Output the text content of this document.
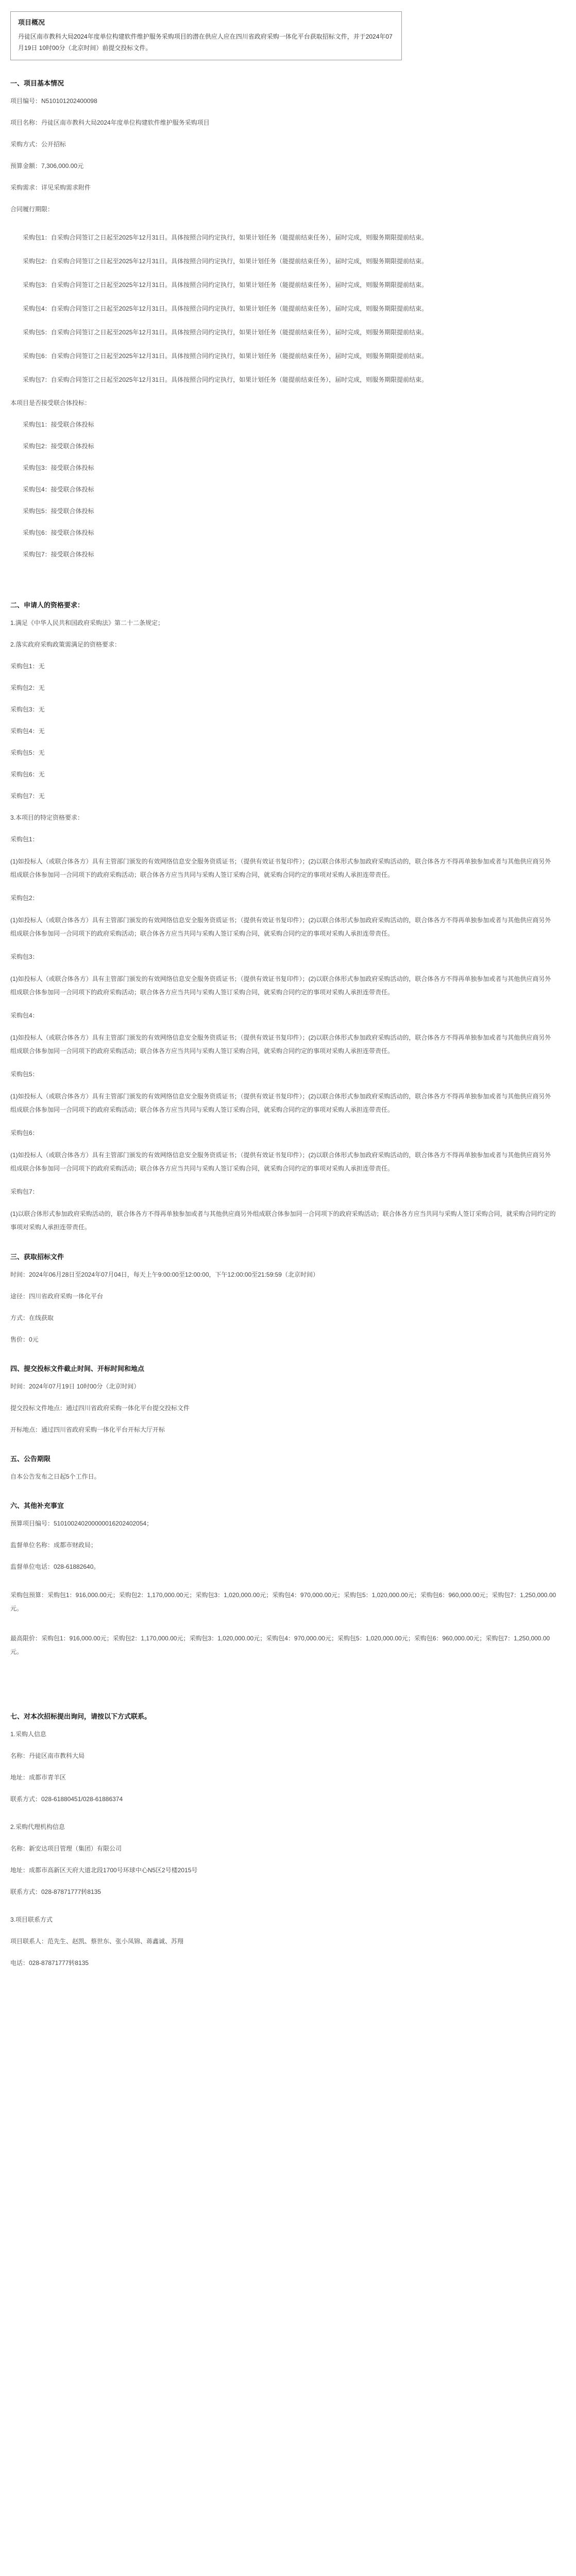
项目概况
丹徒区南市教科大局2024年度单位构建软件维护服务采购项目的潜在供应人应在四川省政府采购一体化平台获取招标文件，并于2024年07月19日 10时00分（北京时间）前提交投标文件。
一、项目基本情况

项目编号：N510101202400098

项目名称：丹徒区南市教科大局2024年度单位构建软件维护服务采购项目

采购方式：公开招标

预算金额：7,306,000.00元

采购需求：详见采购需求附件

合同履行期限：

采购包1：自采购合同签订之日起至2025年12月31日。具体按照合同约定执行，如果计划任务（能提前结束任务），届时完成，则服务期限提前结束。

采购包2：自采购合同签订之日起至2025年12月31日。具体按照合同约定执行，如果计划任务（能提前结束任务），届时完成，则服务期限提前结束。

采购包3：自采购合同签订之日起至2025年12月31日。具体按照合同约定执行，如果计划任务（能提前结束任务），届时完成，则服务期限提前结束。

采购包4：自采购合同签订之日起至2025年12月31日。具体按照合同约定执行，如果计划任务（能提前结束任务），届时完成，则服务期限提前结束。

采购包5：自采购合同签订之日起至2025年12月31日。具体按照合同约定执行，如果计划任务（能提前结束任务），届时完成，则服务期限提前结束。

采购包6：自采购合同签订之日起至2025年12月31日。具体按照合同约定执行，如果计划任务（能提前结束任务），届时完成，则服务期限提前结束。

采购包7：自采购合同签订之日起至2025年12月31日。具体按照合同约定执行，如果计划任务（能提前结束任务），届时完成，则服务期限提前结束。

本项目是否接受联合体投标：

采购包1：接受联合体投标

采购包2：接受联合体投标

采购包3：接受联合体投标

采购包4：接受联合体投标

采购包5：接受联合体投标

采购包6：接受联合体投标

采购包7：接受联合体投标

二、申请人的资格要求：

1.满足《中华人民共和国政府采购法》第二十二条规定；

2.落实政府采购政策需满足的资格要求：

采购包1：无

采购包2：无

采购包3：无

采购包4：无

采购包5：无

采购包6：无

采购包7：无

3.本项目的特定资格要求：

采购包1：

(1)如投标人（或联合体各方）具有主管部门颁发的有效网络信息安全服务资质证书；（提供有效证书复印件）；(2)以联合体形式参加政府采购活动的，联合体各方不得再单独参加或者与其他供应商另外组成联合体参加同一合同项下的政府采购活动；联合体各方应当共同与采购人签订采购合同，就采购合同约定的事项对采购人承担连带责任。

采购包2：

(1)如投标人（或联合体各方）具有主管部门颁发的有效网络信息安全服务资质证书；（提供有效证书复印件）；(2)以联合体形式参加政府采购活动的，联合体各方不得再单独参加或者与其他供应商另外组成联合体参加同一合同项下的政府采购活动；联合体各方应当共同与采购人签订采购合同，就采购合同约定的事项对采购人承担连带责任。

采购包3：

(1)如投标人（或联合体各方）具有主管部门颁发的有效网络信息安全服务资质证书；（提供有效证书复印件）；(2)以联合体形式参加政府采购活动的，联合体各方不得再单独参加或者与其他供应商另外组成联合体参加同一合同项下的政府采购活动；联合体各方应当共同与采购人签订采购合同，就采购合同约定的事项对采购人承担连带责任。

采购包4：

(1)如投标人（或联合体各方）具有主管部门颁发的有效网络信息安全服务资质证书；（提供有效证书复印件）；(2)以联合体形式参加政府采购活动的，联合体各方不得再单独参加或者与其他供应商另外组成联合体参加同一合同项下的政府采购活动；联合体各方应当共同与采购人签订采购合同，就采购合同约定的事项对采购人承担连带责任。

采购包5：

(1)如投标人（或联合体各方）具有主管部门颁发的有效网络信息安全服务资质证书；（提供有效证书复印件）；(2)以联合体形式参加政府采购活动的，联合体各方不得再单独参加或者与其他供应商另外组成联合体参加同一合同项下的政府采购活动；联合体各方应当共同与采购人签订采购合同，就采购合同约定的事项对采购人承担连带责任。

采购包6：

(1)如投标人（或联合体各方）具有主管部门颁发的有效网络信息安全服务资质证书；（提供有效证书复印件）；(2)以联合体形式参加政府采购活动的，联合体各方不得再单独参加或者与其他供应商另外组成联合体参加同一合同项下的政府采购活动；联合体各方应当共同与采购人签订采购合同，就采购合同约定的事项对采购人承担连带责任。

采购包7：

(1)以联合体形式参加政府采购活动的，联合体各方不得再单独参加或者与其他供应商另外组成联合体参加同一合同项下的政府采购活动；联合体各方应当共同与采购人签订采购合同，就采购合同约定的事项对采购人承担连带责任。

三、获取招标文件

时间：2024年06月28日至2024年07月04日，每天上午9:00:00至12:00:00，下午12:00:00至21:59:59（北京时间）

途径：四川省政府采购一体化平台

方式：在线获取

售价：0元

四、提交投标文件截止时间、开标时间和地点

时间：2024年07月19日 10时00分（北京时间）

提交投标文件地点：通过四川省政府采购一体化平台提交投标文件

开标地点：通过四川省政府采购一体化平台开标大厅开标

五、公告期限

自本公告发布之日起5个工作日。

六、其他补充事宜

预算项目编号：510100240200000016202402054；

监督单位名称：成都市财政局；

监督单位电话：028-61882640。

采购包预算：采购包1：916,000.00元；采购包2：1,170,000.00元；采购包3：1,020,000.00元；采购包4：970,000.00元；采购包5：1,020,000.00元；采购包6：960,000.00元；采购包7：1,250,000.00元。

最高限价：采购包1：916,000.00元；采购包2：1,170,000.00元；采购包3：1,020,000.00元；采购包4：970,000.00元；采购包5：1,020,000.00元；采购包6：960,000.00元；采购包7：1,250,000.00元。

七、对本次招标提出询问，请按以下方式联系。

1.采购人信息

名称：丹徒区南市教科大局

地址：成都市青羊区

联系方式：028-61880451/028-61886374

2.采购代理机构信息

名称：新安达项目管理（集团）有限公司

地址：成都市高新区天府大道北段1700号环球中心N5区2号楼2015号

联系方式：028-87871777转8135

3.项目联系方式

项目联系人：范先生、赵凯、蔡世东、张小凤锦、蒋鑫诚、苏翔

电话：028-87871777转8135
